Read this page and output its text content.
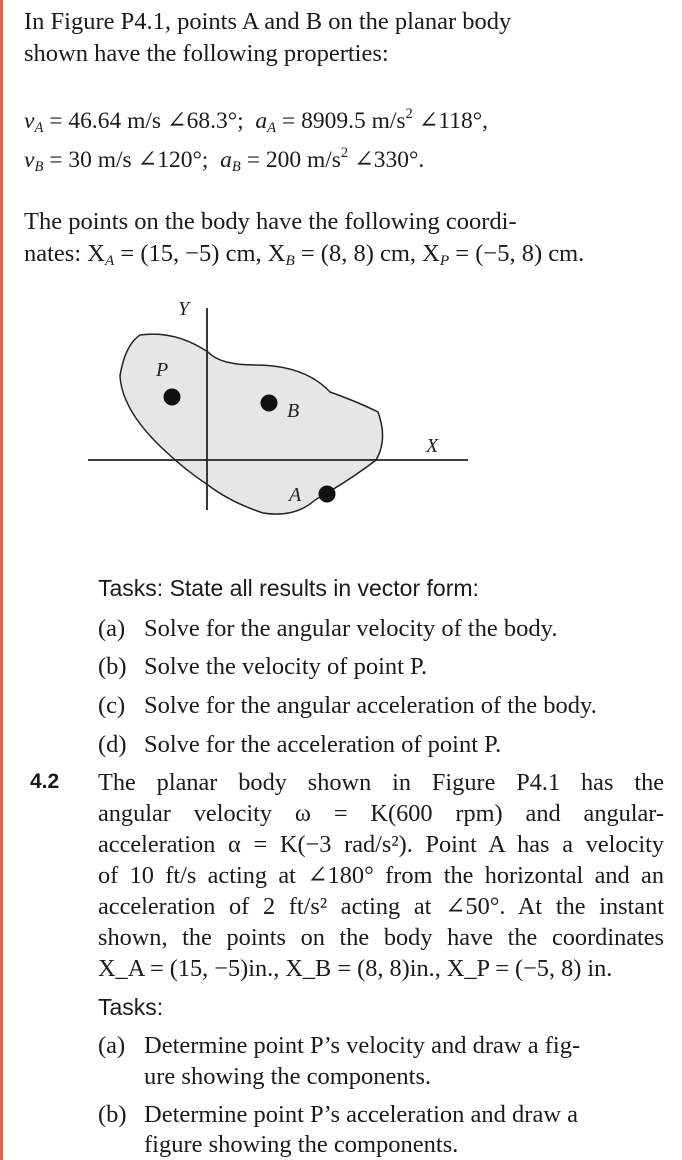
In Figure P4.1, points A and B on the planar body

shown have the following properties:

$v_A = 46.64$ m/s ∠68.3°; $a_A = 8909.5$ $m/s^2$ ∠118°,
$v_B = 30$ m/s ∠120°; $a_B = 200$ $m/s^2$ ∠330°.

The points on the body have the following coordi-

nates: $X_A = (15$, −5) cm, $X_B = (8$, 8) cm, $X_P = (-5$, 8) cm.

Y
X
P
B
A
Tasks: State all results in vector form:
(a) Solve for the angular velocity of the body.
(b) Solve the velocity of point P.
(c) Solve for the angular acceleration of the body.
(d) Solve for the acceleration of point P.
4.2 The planar body shown in Figure P4.1 has the
angular velocity ω = K(600 rpm) and angular-
acceleration α = K(−3 rad/s²). Point A has a velocity
of 10 ft/s acting at ∠180° from the horizontal and an
acceleration of 2 ft/s² acting at ∠50°. At the instant
shown, the points on the body have the coordinates
X_A = (15, −5)in., X_B = (8, 8)in., X_P = (−5, 8) in.
Tasks:
(a) Determine point P’s velocity and draw a fig-
ure showing the components.
(b) Determine point P’s acceleration and draw a
figure showing the components.
